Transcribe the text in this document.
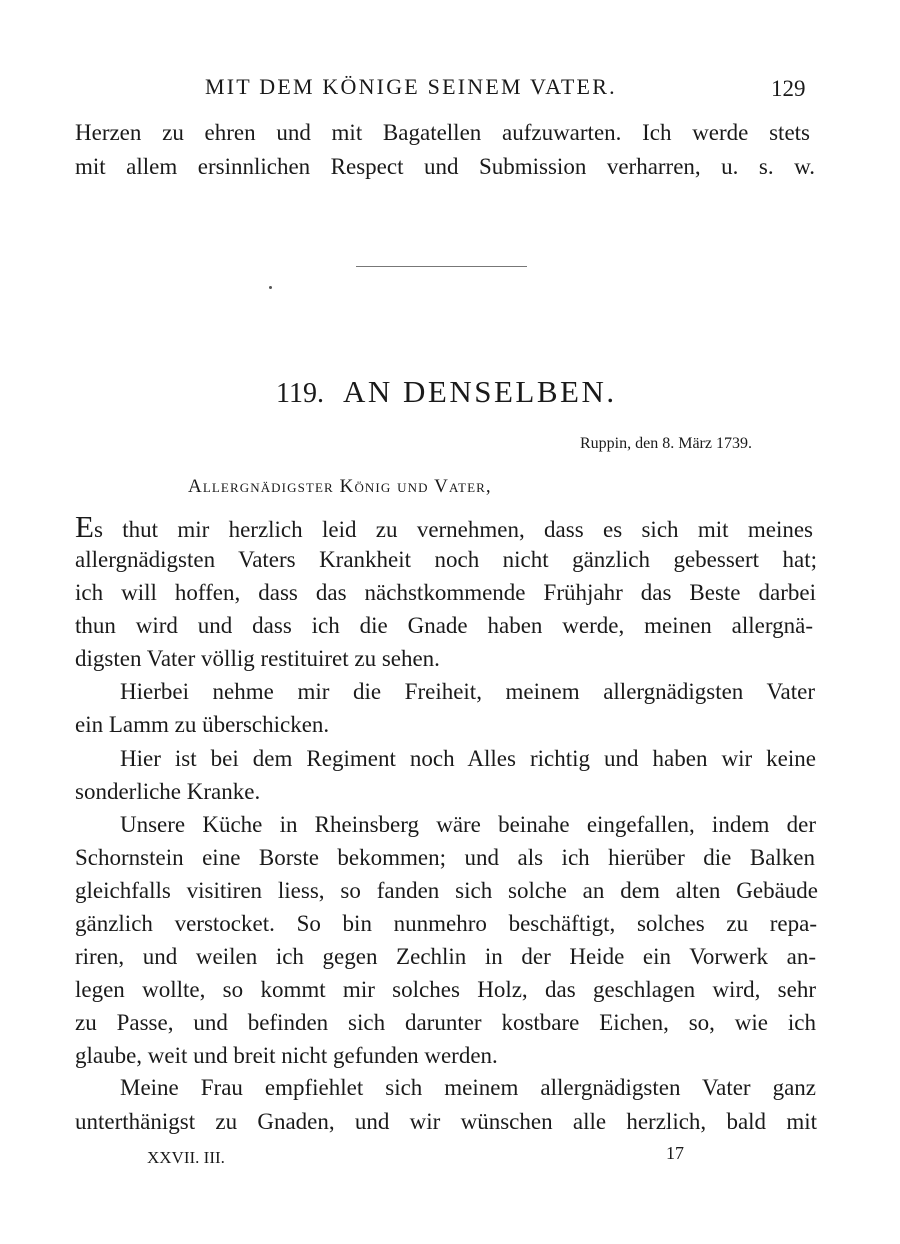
MIT DEM KÖNIGE SEINEM VATER.	129
Herzen zu ehren und mit Bagatellen aufzuwarten. Ich werde stets
mit allem ersinnlichen Respect und Submission verharren, u. s. w.
119. AN DENSELBEN.
Ruppin, den 8. März 1739.
Allergnädigster König und Vater,
Es thut mir herzlich leid zu vernehmen, dass es sich mit meines
allergnädigsten Vaters Krankheit noch nicht gänzlich gebessert hat;
ich will hoffen, dass das nächstkommende Frühjahr das Beste darbei
thun wird und dass ich die Gnade haben werde, meinen allergnä-
digsten Vater völlig restituiret zu sehen.
Hierbei nehme mir die Freiheit, meinem allergnädigsten Vater
ein Lamm zu überschicken.
Hier ist bei dem Regiment noch Alles richtig und haben wir keine
sonderliche Kranke.
Unsere Küche in Rheinsberg wäre beinahe eingefallen, indem der
Schornstein eine Borste bekommen; und als ich hierüber die Balken
gleichfalls visitiren liess, so fanden sich solche an dem alten Gebäude
gänzlich verstocket. So bin nunmehro beschäftigt, solches zu repa-
riren, und weilen ich gegen Zechlin in der Heide ein Vorwerk an-
legen wollte, so kommt mir solches Holz, das geschlagen wird, sehr
zu Passe, und befinden sich darunter kostbare Eichen, so, wie ich
glaube, weit und breit nicht gefunden werden.
Meine Frau empfiehlet sich meinem allergnädigsten Vater ganz
unterthänigst zu Gnaden, und wir wünschen alle herzlich, bald mit
XXVII. III.	17
